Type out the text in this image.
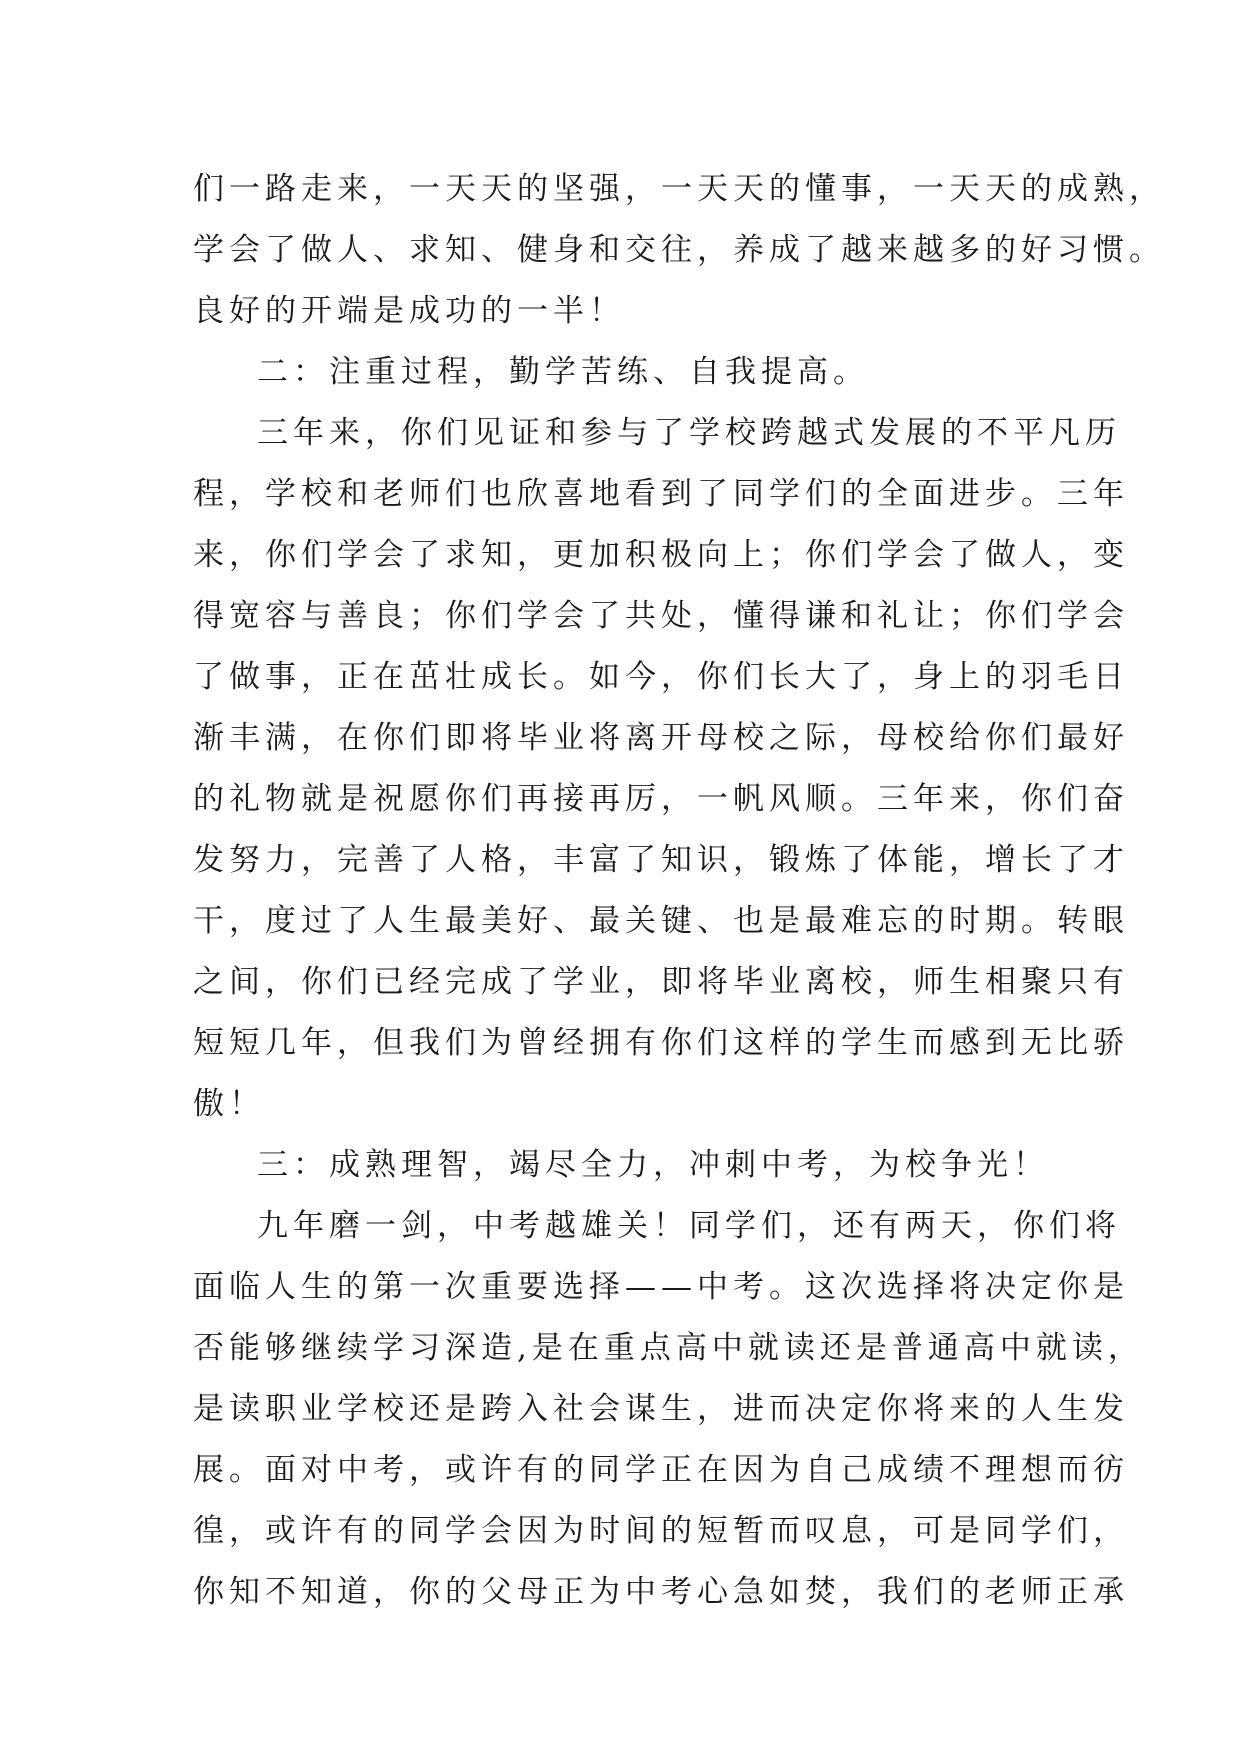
们一路走来，一天天的坚强，一天天的懂事，一天天的成熟，
学会了做人、求知、健身和交往，养成了越来越多的好习惯。
良好的开端是成功的一半！
二：注重过程，勤学苦练、自我提高。
三年来，你们见证和参与了学校跨越式发展的不平凡历
程，学校和老师们也欣喜地看到了同学们的全面进步。三年
来，你们学会了求知，更加积极向上；你们学会了做人，变
得宽容与善良；你们学会了共处，懂得谦和礼让；你们学会
了做事，正在茁壮成长。如今，你们长大了，身上的羽毛日
渐丰满，在你们即将毕业将离开母校之际，母校给你们最好
的礼物就是祝愿你们再接再厉，一帆风顺。三年来，你们奋
发努力，完善了人格，丰富了知识，锻炼了体能，增长了才
干，度过了人生最美好、最关键、也是最难忘的时期。转眼
之间，你们已经完成了学业，即将毕业离校，师生相聚只有
短短几年，但我们为曾经拥有你们这样的学生而感到无比骄
傲！
三：成熟理智，竭尽全力，冲刺中考，为校争光！
九年磨一剑，中考越雄关！同学们，还有两天，你们将
面临人生的第一次重要选择——中考。这次选择将决定你是
否能够继续学习深造,是在重点高中就读还是普通高中就读，
是读职业学校还是跨入社会谋生，进而决定你将来的人生发
展。面对中考，或许有的同学正在因为自己成绩不理想而彷
徨，或许有的同学会因为时间的短暂而叹息，可是同学们，
你知不知道，你的父母正为中考心急如焚，我们的老师正承
